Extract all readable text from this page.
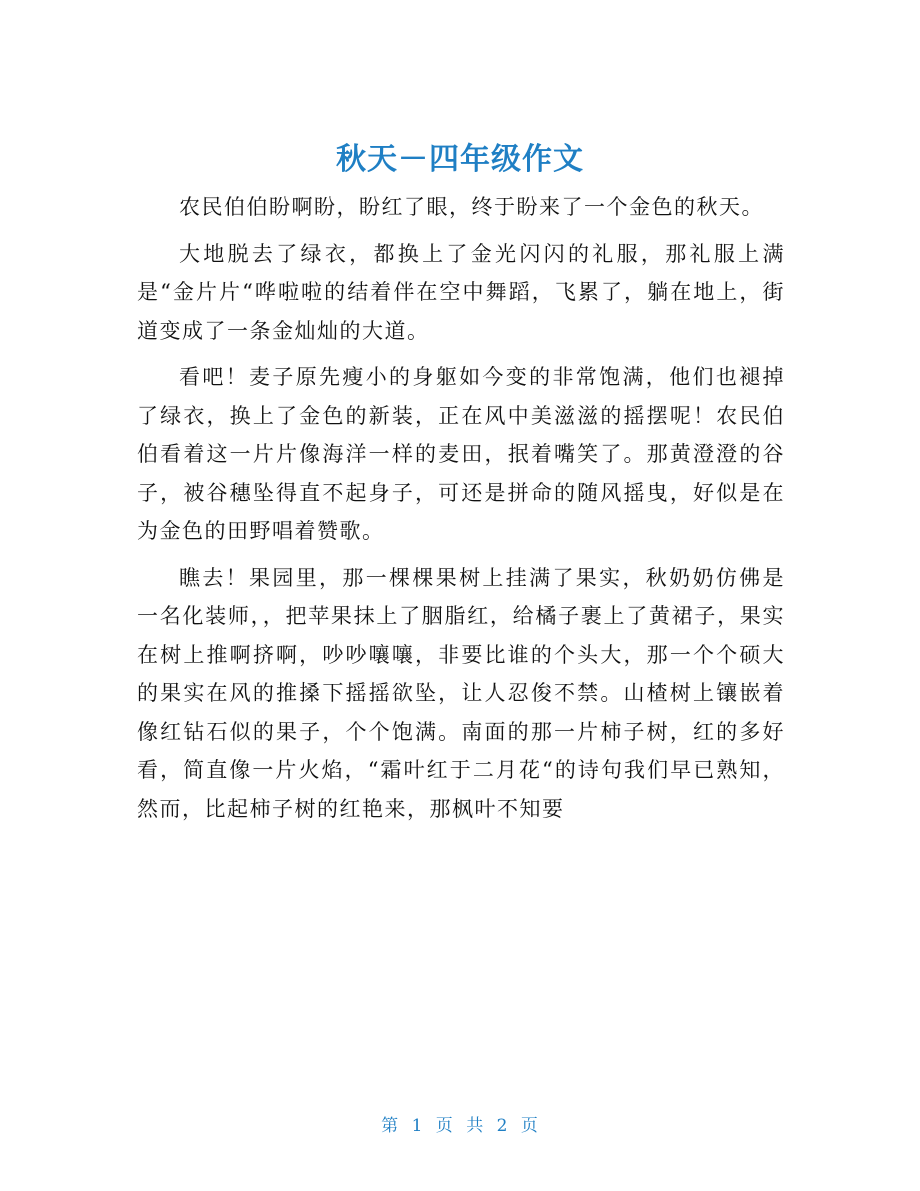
秋天－四年级作文

农民伯伯盼啊盼，盼红了眼，终于盼来了一个金色的秋天。

大地脱去了绿衣，都换上了金光闪闪的礼服，那礼服上满是“金片片“哗啦啦的结着伴在空中舞蹈，飞累了，躺在地上，街道变成了一条金灿灿的大道。

看吧！麦子原先瘦小的身躯如今变的非常饱满，他们也褪掉了绿衣，换上了金色的新装，正在风中美滋滋的摇摆呢！农民伯伯看着这一片片像海洋一样的麦田，抿着嘴笑了。那黄澄澄的谷子，被谷穗坠得直不起身子，可还是拼命的随风摇曳，好似是在为金色的田野唱着赞歌。

瞧去！果园里，那一棵棵果树上挂满了果实，秋奶奶仿佛是一名化装师，，把苹果抹上了胭脂红，给橘子裹上了黄裙子，果实在树上推啊挤啊，吵吵嚷嚷，非要比谁的个头大，那一个个硕大的果实在风的推搡下摇摇欲坠，让人忍俊不禁。山楂树上镶嵌着像红钻石似的果子，个个饱满。南面的那一片柿子树，红的多好看，简直像一片火焰，“霜叶红于二月花“的诗句我们早已熟知，然而，比起柿子树的红艳来，那枫叶不知要

第 1 页 共 2 页
